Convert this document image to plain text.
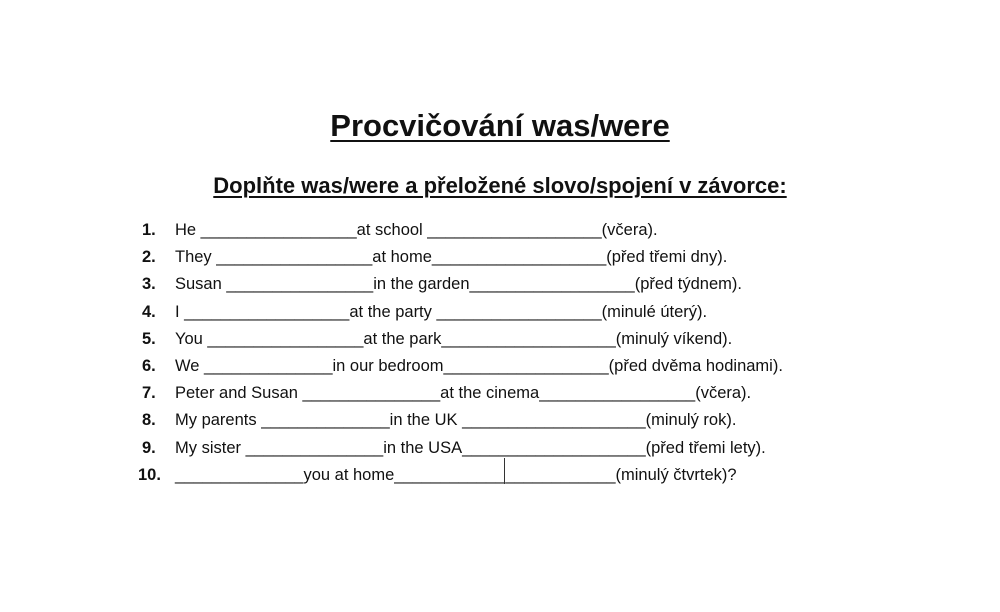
Procvičování was/were
Doplňte was/were a přeložené slovo/spojení v závorce:
1.	He _________________at school ___________________(včera).
2.	They _________________at home___________________(před třemi dny).
3.	Susan ________________in the garden__________________(před týdnem).
4.	I __________________at the party __________________(minulé úterý).
5.	You _________________at the park___________________(minulý víkend).
6.	We ______________in our bedroom__________________(před dvěma hodinami).
7.	Peter and Susan _______________at the cinema_________________(včera).
8.	My parents ______________in the UK ____________________(minulý rok).
9.	My sister _______________in the USA____________________(před třemi lety).
10. ______________you at home________________________(minulý čtvrtek)?
